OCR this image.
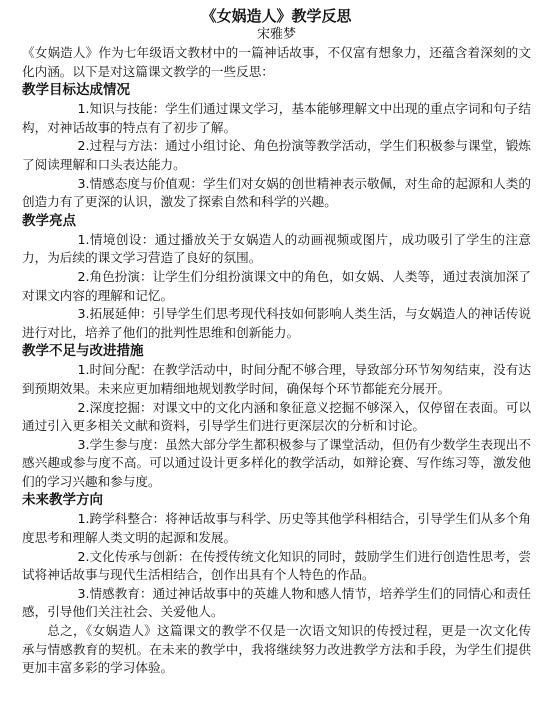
《女娲造人》教学反思
宋雅梦

《女娲造人》作为七年级语文教材中的一篇神话故事，不仅富有想象力，还蕴含着深刻的文化内涵。以下是对这篇课文教学的一些反思：

教学目标达成情况

1.知识与技能：学生们通过课文学习，基本能够理解文中出现的重点字词和句子结构，对神话故事的特点有了初步了解。

2.过程与方法：通过小组讨论、角色扮演等教学活动，学生们积极参与课堂，锻炼了阅读理解和口头表达能力。

3.情感态度与价值观：学生们对女娲的创世精神表示敬佩，对生命的起源和人类的创造力有了更深的认识，激发了探索自然和科学的兴趣。

教学亮点

1.情境创设：通过播放关于女娲造人的动画视频或图片，成功吸引了学生的注意力，为后续的课文学习营造了良好的氛围。

2.角色扮演：让学生们分组扮演课文中的角色，如女娲、人类等，通过表演加深了对课文内容的理解和记忆。

3.拓展延伸：引导学生们思考现代科技如何影响人类生活，与女娲造人的神话传说进行对比，培养了他们的批判性思维和创新能力。

教学不足与改进措施

1.时间分配：在教学活动中，时间分配不够合理，导致部分环节匆匆结束，没有达到预期效果。未来应更加精细地规划教学时间，确保每个环节都能充分展开。

2.深度挖掘：对课文中的文化内涵和象征意义挖掘不够深入，仅停留在表面。可以通过引入更多相关文献和资料，引导学生们进行更深层次的分析和讨论。

3.学生参与度：虽然大部分学生都积极参与了课堂活动，但仍有少数学生表现出不感兴趣或参与度不高。可以通过设计更多样化的教学活动，如辩论赛、写作练习等，激发他们的学习兴趣和参与度。

未来教学方向

1.跨学科整合：将神话故事与科学、历史等其他学科相结合，引导学生们从多个角度思考和理解人类文明的起源和发展。

2.文化传承与创新：在传授传统文化知识的同时，鼓励学生们进行创造性思考，尝试将神话故事与现代生活相结合，创作出具有个人特色的作品。

3.情感教育：通过神话故事中的英雄人物和感人情节，培养学生们的同情心和责任感，引导他们关注社会、关爱他人。

总之，《女娲造人》这篇课文的教学不仅是一次语文知识的传授过程，更是一次文化传承与情感教育的契机。在未来的教学中，我将继续努力改进教学方法和手段，为学生们提供更加丰富多彩的学习体验。
